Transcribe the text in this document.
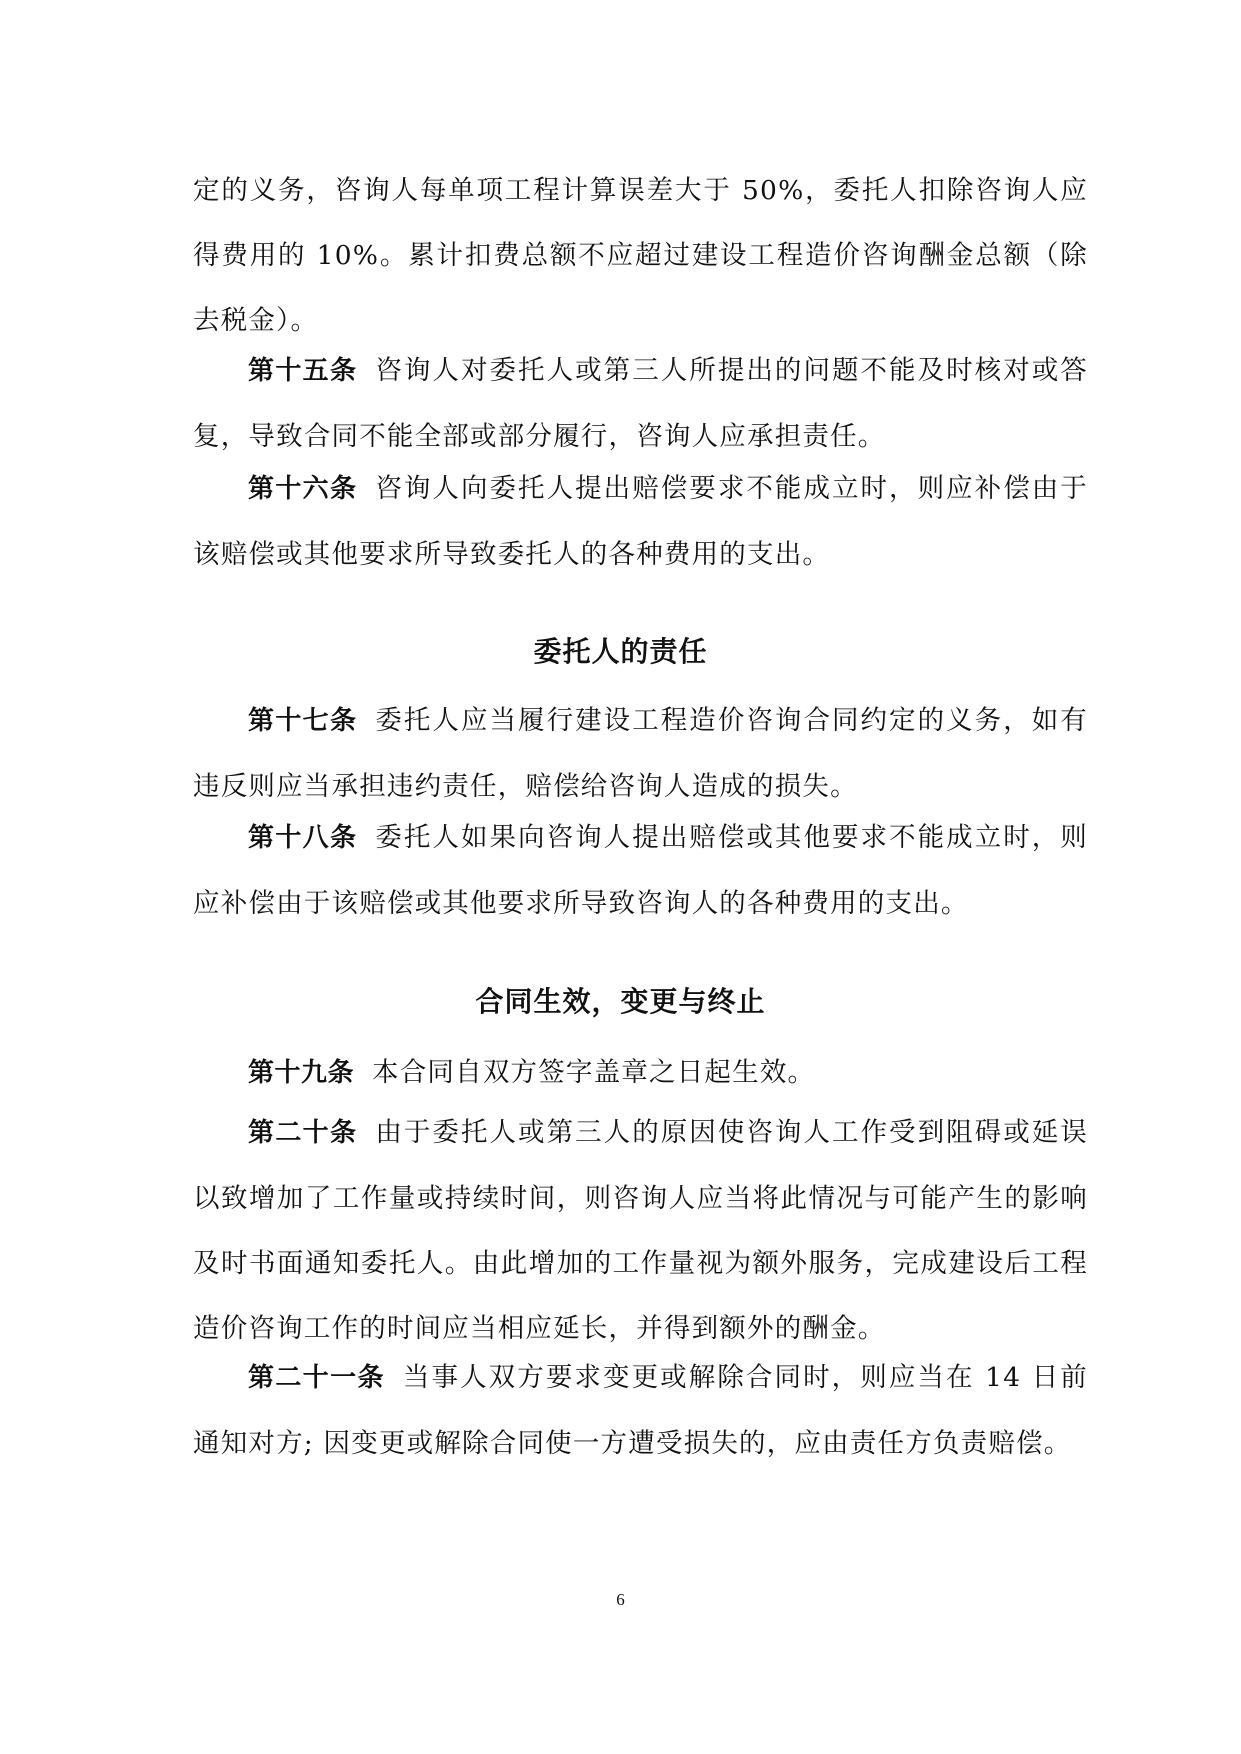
定的义务，咨询人每单项工程计算误差大于 50%，委托人扣除咨询人应得费用的 10%。累计扣费总额不应超过建设工程造价咨询酬金总额（除去税金）。

第十五条 咨询人对委托人或第三人所提出的问题不能及时核对或答复，导致合同不能全部或部分履行，咨询人应承担责任。

第十六条 咨询人向委托人提出赔偿要求不能成立时，则应补偿由于该赔偿或其他要求所导致委托人的各种费用的支出。

委托人的责任

第十七条 委托人应当履行建设工程造价咨询合同约定的义务，如有违反则应当承担违约责任，赔偿给咨询人造成的损失。

第十八条 委托人如果向咨询人提出赔偿或其他要求不能成立时，则应补偿由于该赔偿或其他要求所导致咨询人的各种费用的支出。

合同生效，变更与终止

第十九条 本合同自双方签字盖章之日起生效。

第二十条 由于委托人或第三人的原因使咨询人工作受到阻碍或延误以致增加了工作量或持续时间，则咨询人应当将此情况与可能产生的影响及时书面通知委托人。由此增加的工作量视为额外服务，完成建设后工程造价咨询工作的时间应当相应延长，并得到额外的酬金。

第二十一条 当事人双方要求变更或解除合同时，则应当在 14 日前通知对方; 因变更或解除合同使一方遭受损失的，应由责任方负责赔偿。

6
